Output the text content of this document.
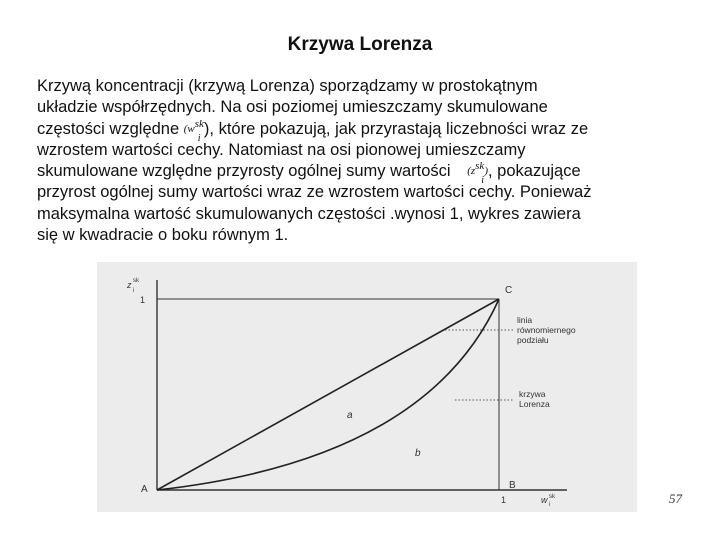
Krzywa Lorenza
Krzywą koncentracji (krzywą Lorenza) sporządzamy w prostokątnym
układzie współrzędnych. Na osi poziomej umieszczamy skumulowane
częstości względne (wsk
i
), które pokazują, jak przyrastają liczebności wraz ze
wzrostem wartości cechy. Natomiast na osi pionowej umieszczamy
skumulowane względne przyrosty ogólnej sumy wartości (zsk
i
), pokazujące
przyrost ogólnej sumy wartości wraz ze wzrostem wartości cechy. Ponieważ
maksymalna wartość skumulowanych częstości .wynosi 1, wykres zawiera
się w kwadracie o boku równym 1.
z sk
i
1
A
C
B
1	w sk
i
a
b
linia
równomiernego
podziału
krzywa
Lorenza
57
